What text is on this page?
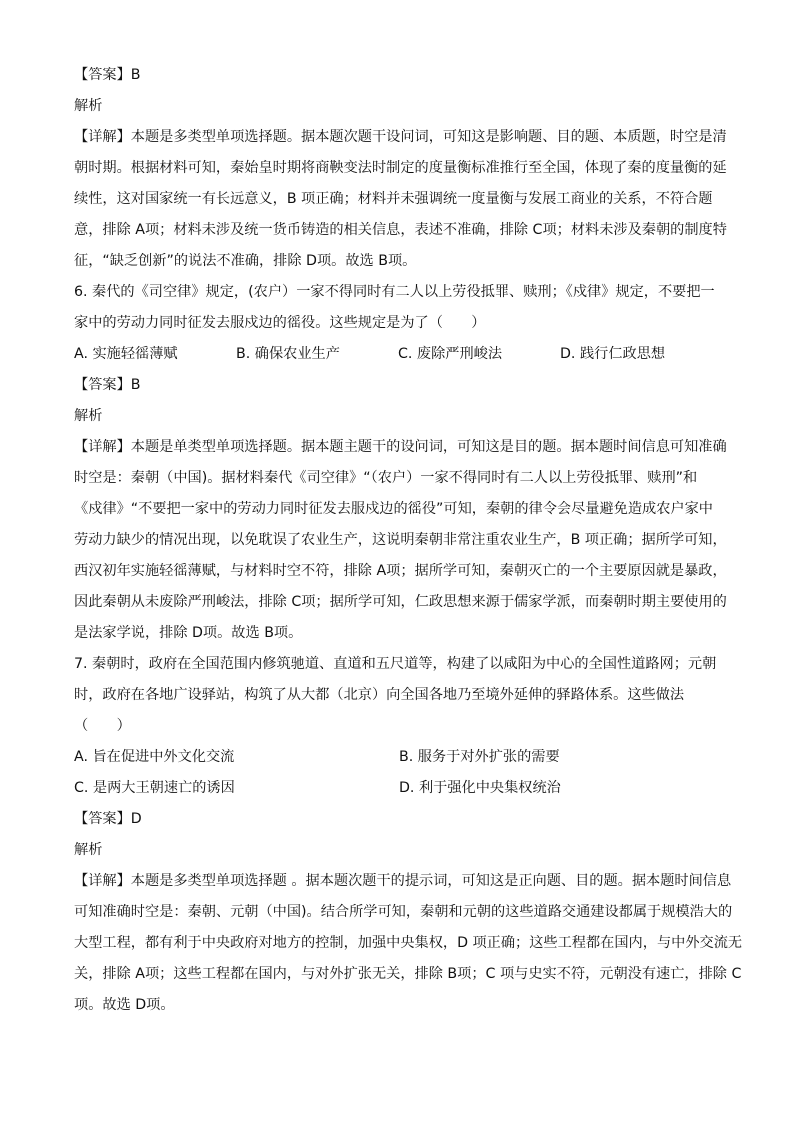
【答案】B
解析
【详解】本题是多类型单项选择题。据本题次题干设问词，可知这是影响题、目的题、本质题，时空是清
朝时期。根据材料可知，秦始皇时期将商鞅变法时制定的度量衡标准推行至全国，体现了秦的度量衡的延
续性，这对国家统一有长远意义，B 项正确；材料并未强调统一度量衡与发展工商业的关系，不符合题
意，排除 A项；材料未涉及统一货币铸造的相关信息，表述不准确，排除 C项；材料未涉及秦朝的制度特
征，“缺乏创新”的说法不准确，排除 D项。故选 B项。
6. 秦代的《司空律》规定，(农户）一家不得同时有二人以上劳役抵罪、赎刑；《戍律》规定，不要把一
家中的劳动力同时征发去服戍边的徭役。这些规定是为了（　　）
A. 实施轻徭薄赋	B. 确保农业生产	C. 废除严刑峻法	D. 践行仁政思想
【答案】B
解析
【详解】本题是单类型单项选择题。据本题主题干的设问词，可知这是目的题。据本题时间信息可知准确
时空是：秦朝（中国)。据材料秦代《司空律》“（农户）一家不得同时有二人以上劳役抵罪、赎刑”和
《戍律》“不要把一家中的劳动力同时征发去服戍边的徭役”可知，秦朝的律令会尽量避免造成农户家中
劳动力缺少的情况出现，以免耽误了农业生产，这说明秦朝非常注重农业生产，B 项正确；据所学可知，
西汉初年实施轻徭薄赋，与材料时空不符，排除 A项；据所学可知，秦朝灭亡的一个主要原因就是暴政，
因此秦朝从未废除严刑峻法，排除 C项；据所学可知，仁政思想来源于儒家学派，而秦朝时期主要使用的
是法家学说，排除 D项。故选 B项。
7. 秦朝时，政府在全国范围内修筑驰道、直道和五尺道等，构建了以咸阳为中心的全国性道路网；元朝
时，政府在各地广设驿站，构筑了从大都（北京）向全国各地乃至境外延伸的驿路体系。这些做法
（　　）
A. 旨在促进中外文化交流	B. 服务于对外扩张的需要
C. 是两大王朝速亡的诱因	D. 利于强化中央集权统治
【答案】D
解析
【详解】本题是多类型单项选择题 。据本题次题干的提示词，可知这是正向题、目的题。据本题时间信息
可知准确时空是：秦朝、元朝（中国)。结合所学可知，秦朝和元朝的这些道路交通建设都属于规模浩大的
大型工程，都有利于中央政府对地方的控制，加强中央集权，D 项正确；这些工程都在国内，与中外交流无
关，排除 A项；这些工程都在国内，与对外扩张无关，排除 B项；C 项与史实不符，元朝没有速亡，排除 C
项。故选 D项。
